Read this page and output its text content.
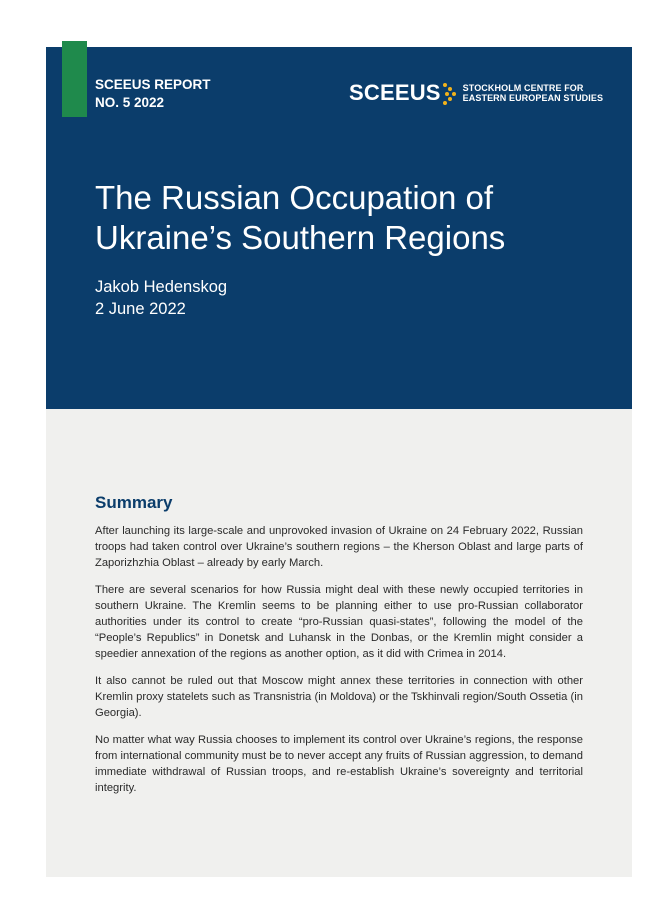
SCEEUS REPORT
NO. 5 2022	SCEEUS STOCKHOLM CENTRE FOR
EASTERN EUROPEAN STUDIES
The Russian Occupation of Ukraine’s Southern Regions
Jakob Hedenskog
2 June 2022
Summary

After launching its large-scale and unprovoked invasion of Ukraine on 24 February 2022, Russian troops had taken control over Ukraine’s southern regions – the Kherson Oblast and large parts of Zaporizhzhia Oblast – already by early March.

There are several scenarios for how Russia might deal with these newly occupied territories in southern Ukraine. The Kremlin seems to be planning either to use pro-Russian collaborator authorities under its control to create “pro-Russian quasi-states”, following the model of the “People’s Republics” in Donetsk and Luhansk in the Donbas, or the Kremlin might consider a speedier annexation of the regions as another option, as it did with Crimea in 2014.

It also cannot be ruled out that Moscow might annex these territories in connection with other Kremlin proxy statelets such as Transnistria (in Moldova) or the Tskhinvali region/South Ossetia (in Georgia).

No matter what way Russia chooses to implement its control over Ukraine’s regions, the response from international community must be to never accept any fruits of Russian aggression, to demand immediate withdrawal of Russian troops, and re-establish Ukraine’s sovereignty and territorial integrity.
